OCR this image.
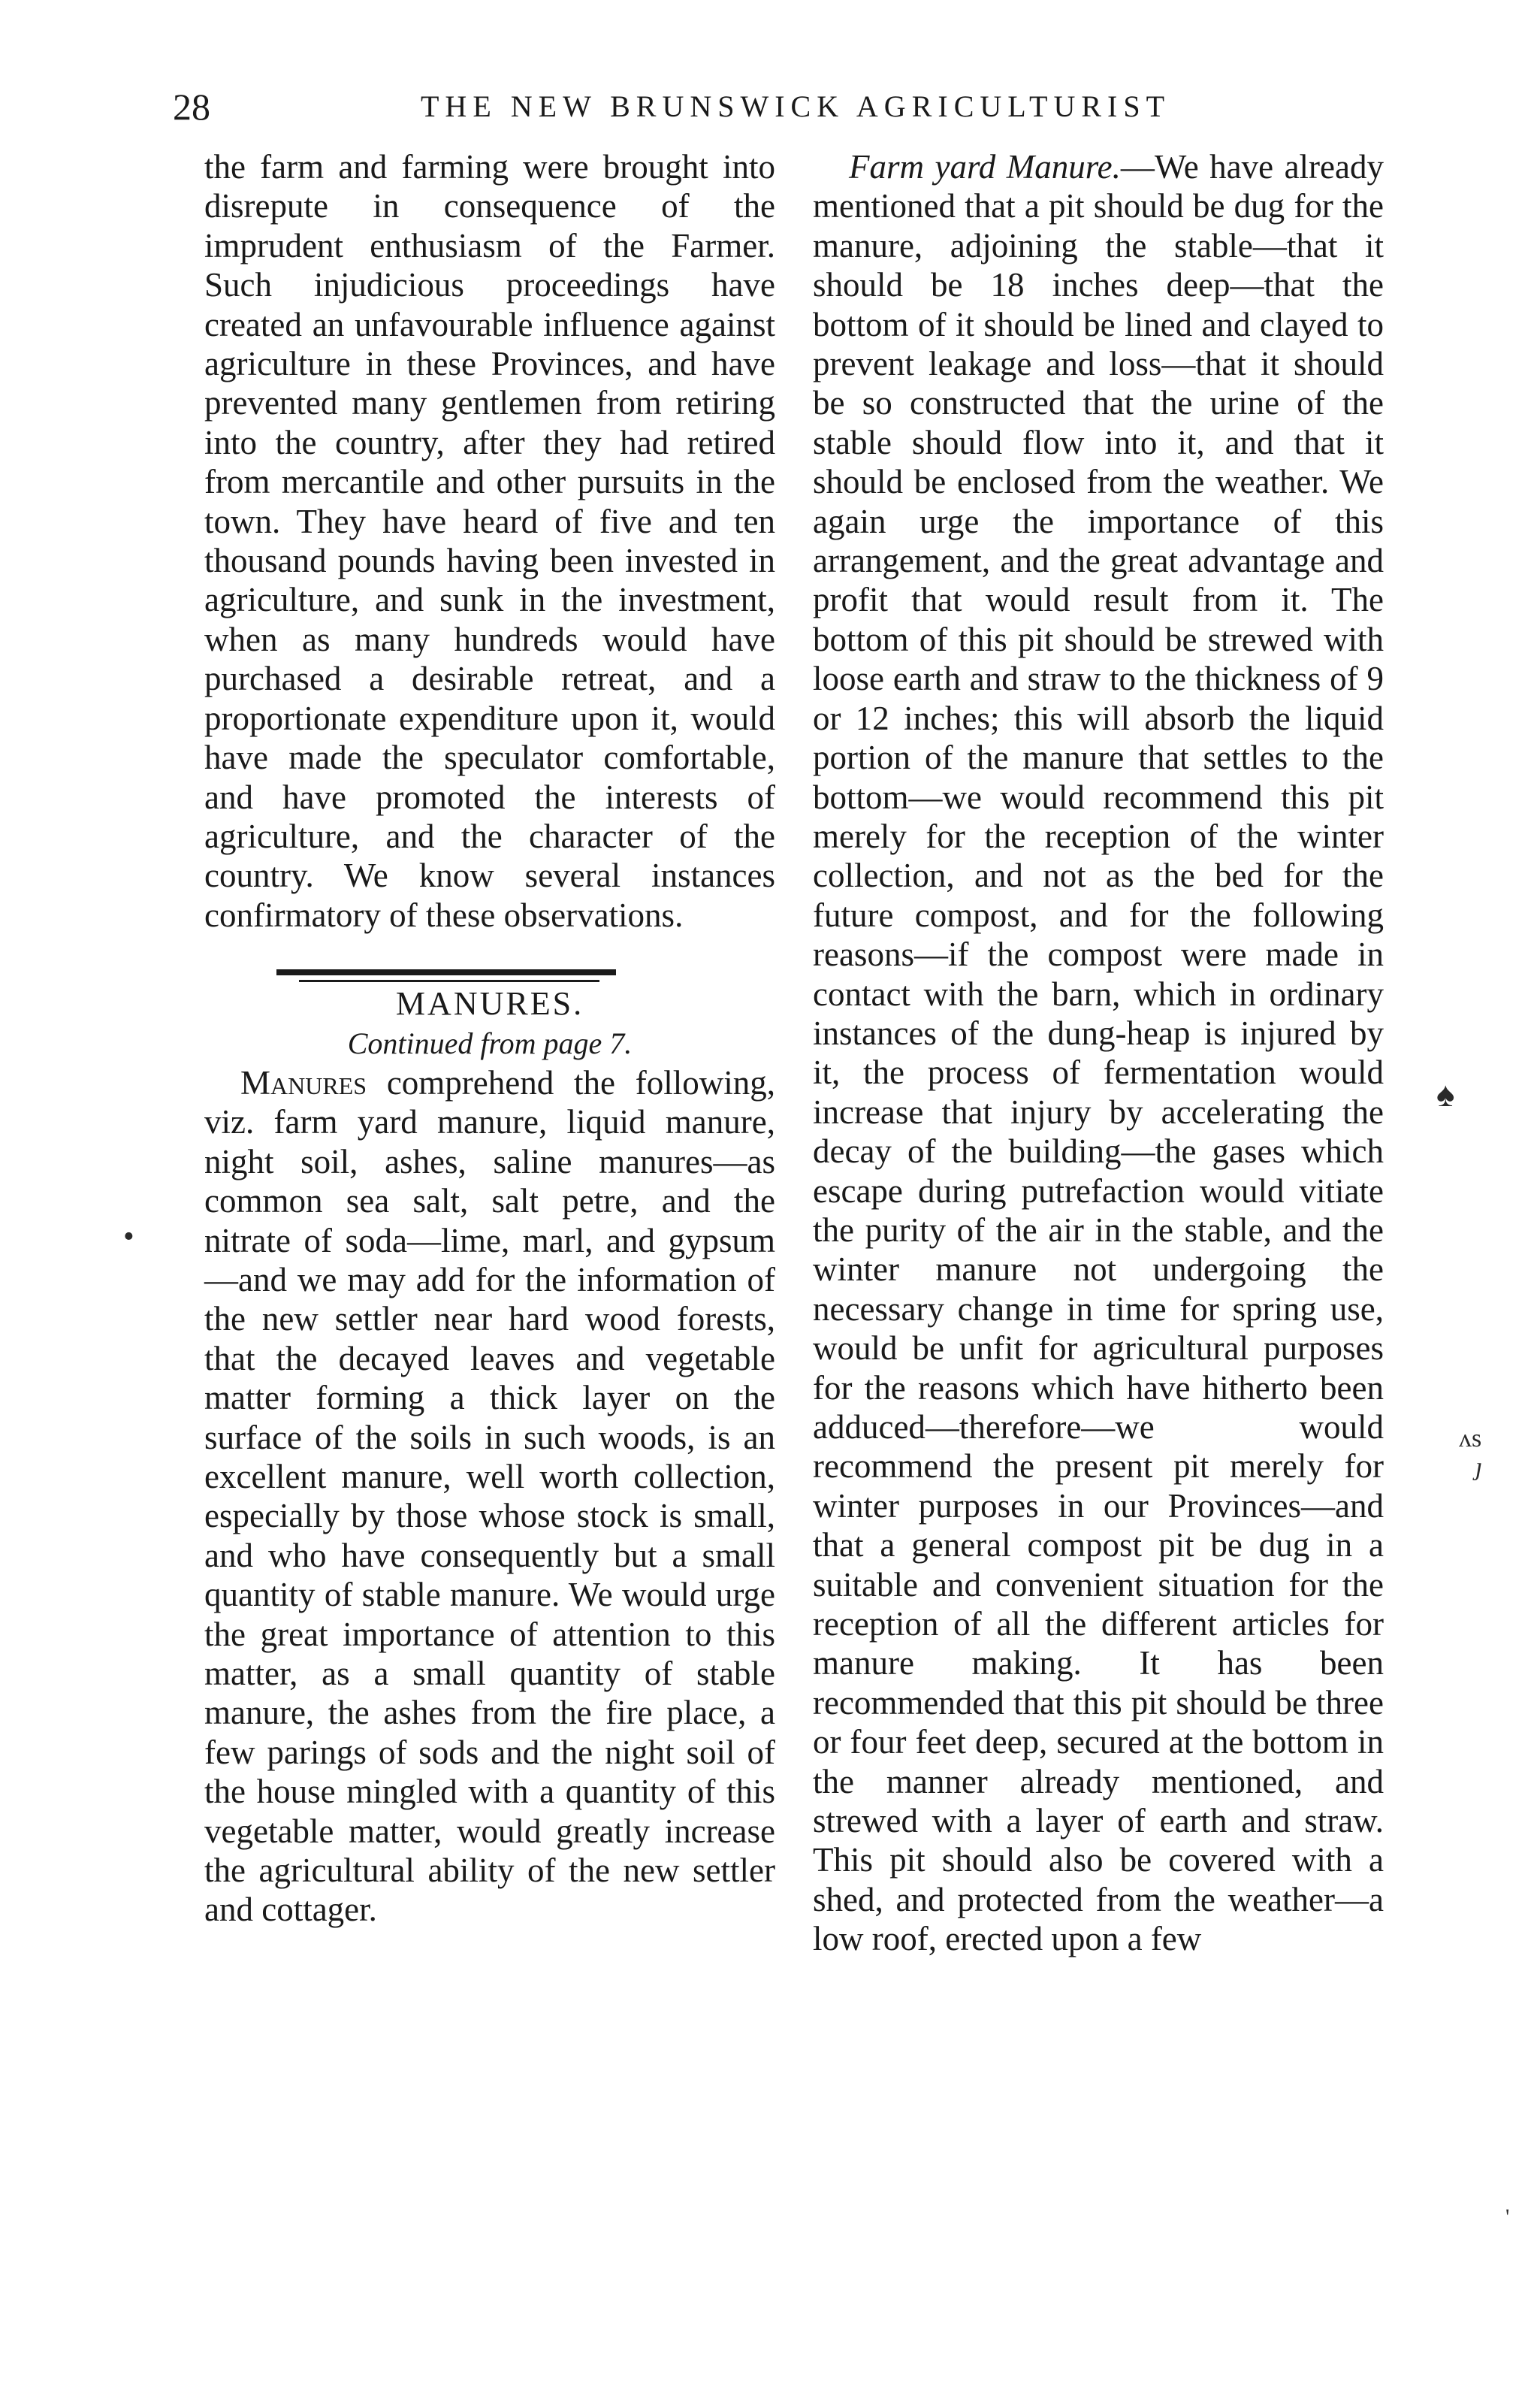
28	THE NEW BRUNSWICK AGRICULTURIST

the farm and farming were brought into disrepute in consequence of the imprudent enthusiasm of the Farmer. Such injudicious proceedings have created an unfavourable influence against agriculture in these Provinces, and have prevented many gentlemen from retiring into the country, after they had retired from mercantile and other pursuits in the town. They have heard of five and ten thousand pounds having been invested in agriculture, and sunk in the investment, when as many hundreds would have purchased a desirable retreat, and a proportionate expenditure upon it, would have made the speculator comfortable, and have promoted the interests of agriculture, and the character of the country. We know several instances confirmatory of these observations.

MANURES.

Continued from page 7.

Manures comprehend the following, viz. farm yard manure, liquid manure, night soil, ashes, saline manures—as common sea salt, salt petre, and the nitrate of soda—lime, marl, and gypsum—and we may add for the information of the new settler near hard wood forests, that the decayed leaves and vegetable matter forming a thick layer on the surface of the soils in such woods, is an excellent manure, well worth collection, especially by those whose stock is small, and who have consequently but a small quantity of stable manure. We would urge the great importance of attention to this matter, as a small quantity of stable manure, the ashes from the fire place, a few parings of sods and the night soil of the house mingled with a quantity of this vegetable matter, would greatly increase the agricultural ability of the new settler and cottager.

Farm yard Manure.—We have already mentioned that a pit should be dug for the manure, adjoining the stable—that it should be 18 inches deep—that the bottom of it should be lined and clayed to prevent leakage and loss—that it should be so constructed that the urine of the stable should flow into it, and that it should be enclosed from the weather. We again urge the importance of this arrangement, and the great advantage and profit that would result from it. The bottom of this pit should be strewed with loose earth and straw to the thickness of 9 or 12 inches; this will absorb the liquid portion of the manure that settles to the bottom—we would recommend this pit merely for the reception of the winter collection, and not as the bed for the future compost, and for the following reasons—if the compost were made in contact with the barn, which in ordinary instances of the dung-heap is injured by it, the process of fermentation would increase that injury by accelerating the decay of the building—the gases which escape during putrefaction would vitiate the purity of the air in the stable, and the winter manure not undergoing the necessary change in time for spring use, would be unfit for agricultural purposes for the reasons which have hitherto been adduced—therefore—we would recommend the present pit merely for winter purposes in our Provinces—and that a general compost pit be dug in a suitable and convenient situation for the reception of all the different articles for manure making. It has been recommended that this pit should be three or four feet deep, secured at the bottom in the manner already mentioned, and strewed with a layer of earth and straw. This pit should also be covered with a shed, and protected from the weather—a low roof, erected upon a few

•
♠
ʌs
ȷ
'
